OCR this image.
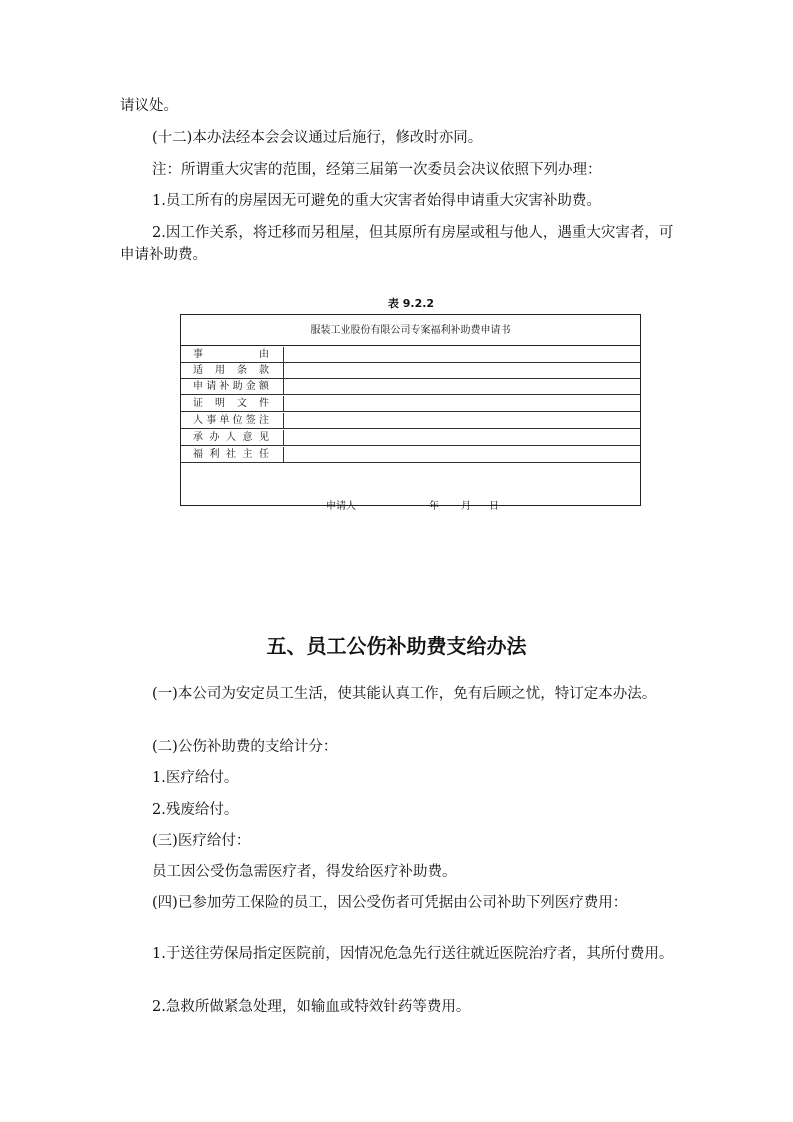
请议处。

(十二)本办法经本会会议通过后施行，修改时亦同。

注：所谓重大灾害的范围，经第三届第一次委员会决议依照下列办理：

1.员工所有的房屋因无可避免的重大灾害者始得申请重大灾害补助费。

2.因工作关系，将迁移而另租屋，但其原所有房屋或租与他人，遇重大灾害者，可申请补助费。

表 9.2.2
服装工业股份有限公司专案福利补助费申请书
事由
适用条款
申请补助金额
证明文件
人事单位签注
承办人意见
福利社主任
申请人	年 月 日
五、员工公伤补助费支给办法

(一)本公司为安定员工生活，使其能认真工作，免有后顾之忧，特订定本办法。

(二)公伤补助费的支给计分：

1.医疗给付。

2.残废给付。

(三)医疗给付：

员工因公受伤急需医疗者，得发给医疗补助费。

(四)已参加劳工保险的员工，因公受伤者可凭据由公司补助下列医疗费用：

1.于送往劳保局指定医院前，因情况危急先行送往就近医院治疗者，其所付费用。

2.急救所做紧急处理，如输血或特效针药等费用。
